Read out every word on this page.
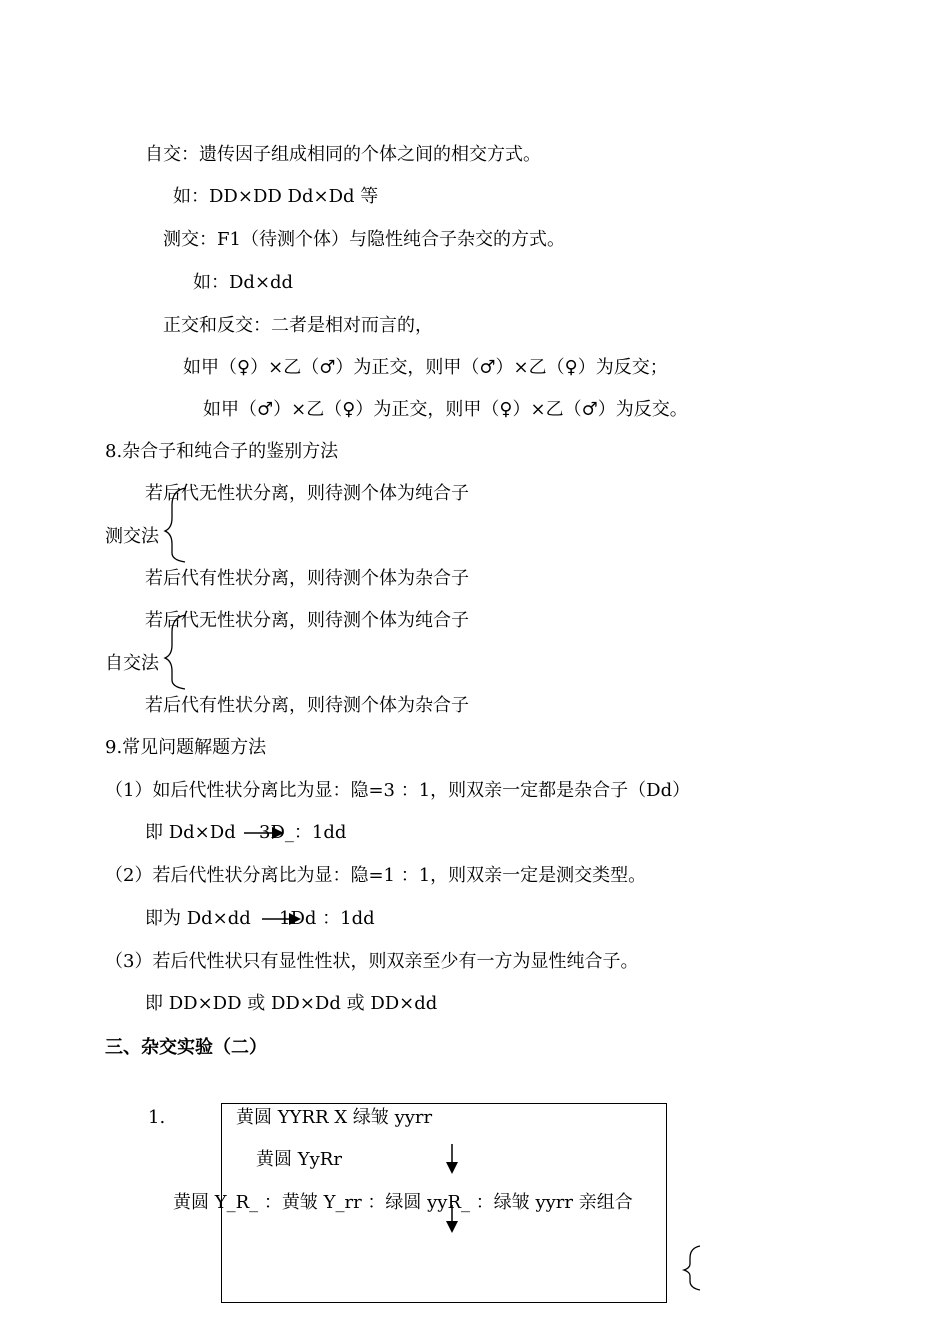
自交：遗传因子组成相同的个体之间的相交方式。
如：DD×DD Dd×Dd 等
测交：F1（待测个体）与隐性纯合子杂交的方式。
如：Dd×dd
正交和反交：二者是相对而言的，
如甲（♀）×乙（♂）为正交，则甲（♂）×乙（♀）为反交；
如甲（♂）×乙（♀）为正交，则甲（♀）×乙（♂）为反交。
8.杂合子和纯合子的鉴别方法
若后代无性状分离，则待测个体为纯合子
测交法
若后代有性状分离，则待测个体为杂合子
若后代无性状分离，则待测个体为纯合子
自交法
若后代有性状分离，则待测个体为杂合子
9.常见问题解题方法
（1）如后代性状分离比为显：隐=3 ：1，则双亲一定都是杂合子（Dd）
即 Dd×Dd 3D_：1dd
（2）若后代性状分离比为显：隐=1 ：1，则双亲一定是测交类型。
即为 Dd×dd 1Dd ：1dd
（3）若后代性状只有显性性状，则双亲至少有一方为显性纯合子。
即 DD×DD 或 DD×Dd 或 DD×dd
三、杂交实验（二）
1.	黄圆 YYRR X 绿皱 yyrr
黄圆 YyRr
黄圆 Y_R_ ：黄皱 Y_rr ：绿圆 yyR_ ：绿皱 yyrr 亲组合
